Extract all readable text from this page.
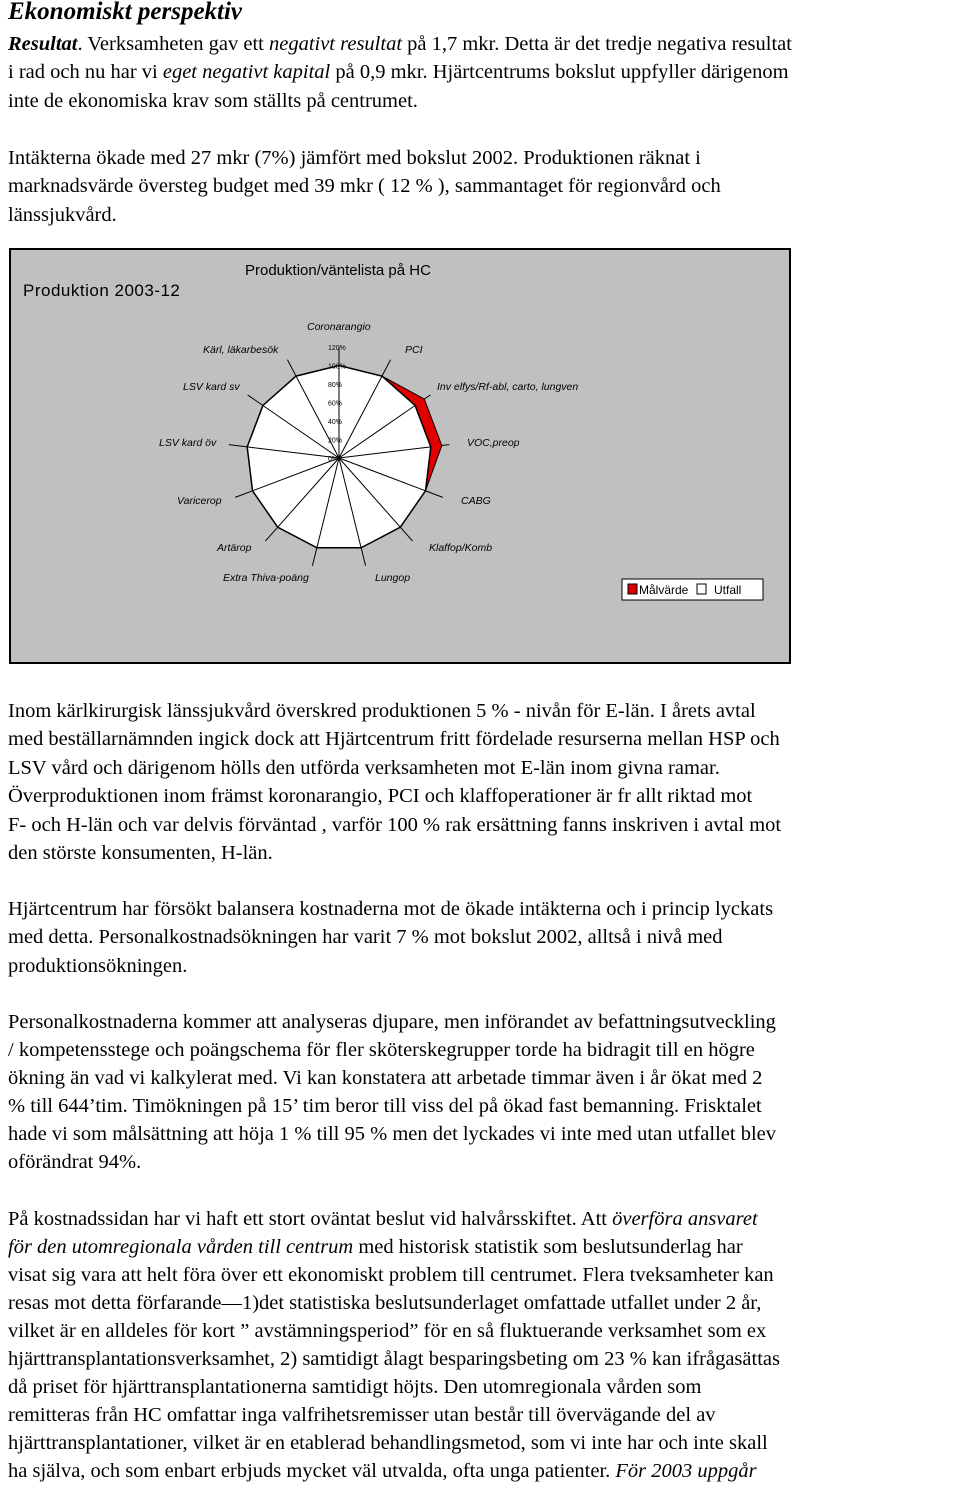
Ekonomiskt perspektiv

Resultat. Verksamheten gav ett negativt resultat på 1,7 mkr. Detta är det tredje negativa resultat
i rad och nu har vi eget negativt kapital på 0,9 mkr. Hjärtcentrums bokslut uppfyller därigenom
inte de ekonomiska krav som ställts på centrumet.

Intäkterna ökade med 27 mkr (7%) jämfört med bokslut 2002. Produktionen räknat i
marknadsvärde översteg budget med 39 mkr ( 12 % ), sammantaget för regionvård och
länssjukvård.

Produktion 2003-12
Produktion/väntelista på HC
0%
20%
40%
60%
80%
100%
120%
Coronarangio
PCI
Inv elfys/Rf-abl, carto, lungven
VOC,preop
CABG
Klaffop/Komb
Lungop
Extra Thiva-poäng
Artärop
Varicerop
LSV kard öv
LSV kard sv
Kärl, läkarbesök
Målvärde Utfall

Inom kärlkirurgisk länssjukvård överskred produktionen 5 % - nivån för E-län. I årets avtal
med beställarnämnden ingick dock att Hjärtcentrum fritt fördelade resurserna mellan HSP och
LSV vård och därigenom hölls den utförda verksamheten mot E-län inom givna ramar.
Överproduktionen inom främst koronarangio, PCI och klaffoperationer är fr allt riktad mot
F- och H-län och var delvis förväntad , varför 100 % rak ersättning fanns inskriven i avtal mot
den störste konsumenten, H-län.

Hjärtcentrum har försökt balansera kostnaderna mot de ökade intäkterna och i princip lyckats
med detta. Personalkostnadsökningen har varit 7 % mot bokslut 2002, alltså i nivå med
produktionsökningen.

Personalkostnaderna kommer att analyseras djupare, men införandet av befattningsutveckling
/ kompetensstege och poängschema för fler sköterskegrupper torde ha bidragit till en högre
ökning än vad vi kalkylerat med. Vi kan konstatera att arbetade timmar även i år ökat med 2
% till 644’tim. Timökningen på 15’ tim beror till viss del på ökad fast bemanning. Frisktalet
hade vi som målsättning att höja 1 % till 95 % men det lyckades vi inte med utan utfallet blev
oförändrat 94%.

På kostnadssidan har vi haft ett stort oväntat beslut vid halvårsskiftet. Att överföra ansvaret
för den utomregionala vården till centrum med historisk statistik som beslutsunderlag har
visat sig vara att helt föra över ett ekonomiskt problem till centrumet. Flera tveksamheter kan
resas mot detta förfarande—1)det statistiska beslutsunderlaget omfattade utfallet under 2 år,
vilket är en alldeles för kort ” avstämningsperiod” för en så fluktuerande verksamhet som ex
hjärttransplantationsverksamhet, 2) samtidigt ålagt besparingsbeting om 23 % kan ifrågasättas
då priset för hjärttransplantationerna samtidigt höjts. Den utomregionala vården som
remitteras från HC omfattar inga valfrihetsremisser utan består till övervägande del av
hjärttransplantationer, vilket är en etablerad behandlingsmetod, som vi inte har och inte skall
ha själva, och som enbart erbjuds mycket väl utvalda, ofta unga patienter. För 2003 uppgår
